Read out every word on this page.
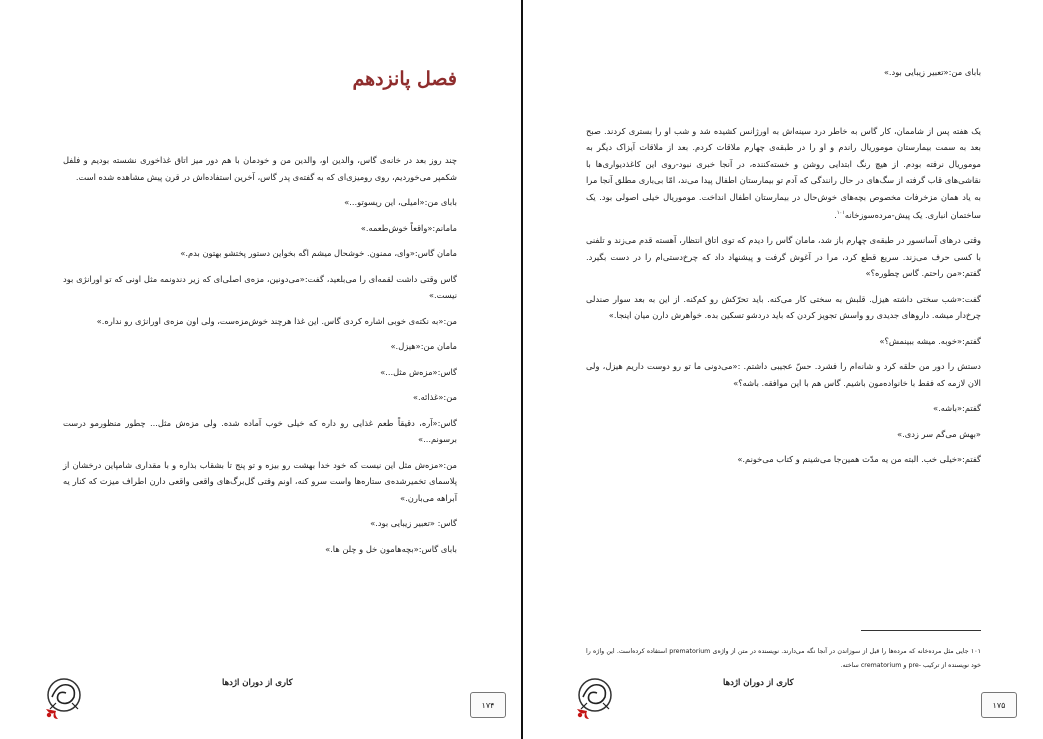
فصل پانزدهم

چند روز بعد در خانه‌ی گاس، والدین او، والدین من و خودمان با هم دور میز اتاق غذاخوری نشسته بودیم و فلفل شکمپر می‌خوردیم، روی رومیزی‌ای که به گفته‌ی پدر گاس، آخرین استفاده‌اش در قرن پیش مشاهده شده است.

بابای من:«امیلی، این ریسوتو...»

مامانم:«واقعاً خوش‌طعمه.»

مامان گاس:«وای، ممنون. خوشحال میشم اگه بخواین دستور پختشو بهتون بدم.»

گاس وقتی داشت لقمه‌ای را می‌بلعید، گفت:«می‌دونین، مزه‌ی اصلی‌ای که زیر دندونمه مثل اونی که تو اورانژی بود نیست.»

من:«به نکته‌ی خوبی اشاره کردی گاس. این غذا هرچند خوش‌مزه‌ست، ولی اون مزه‌ی اورانژی رو نداره.»

مامان من:«هیزل.»

گاس:«مزه‌ش مثل...»

من:«غذائه.»

گاس:«آره، دقیقاً طعم غذایی رو داره که خیلی خوب آماده شده. ولی مزه‌ش مثل... چطور منظورمو درست برسونم...»

من:«مزه‌ش مثل این نیست که خود خدا بهشت رو بیزه و تو پنج تا بشقاب بذاره و با مقداری شامپاین درخشان از پلاسمای تخمیرشده‌ی ستاره‌ها واست سرو کنه، اونم وقتی گل‌برگ‌های واقعی واقعی دارن اطراف میزت که کنار یه آبراهه می‌بارن.»

گاس: «تعبیر زیبایی بود.»

بابای گاس:«بچه‌هامون خل و چلن ها.»

کاری از دوران اژدها
۱۷۴

بابای من:«تعبیر زیبایی بود.»

یک هفته پس از شاممان، کار گاس به خاطر درد سینه‌اش به اورژانس کشیده شد و شب او را بستری کردند. صبح بعد به سمت بیمارستان موموریال راندم و او را در طبقه‌ی چهارم ملاقات کردم. بعد از ملاقات آیزاک دیگر به موموریال نرفته بودم. از هیچ رنگ ابتدایی روشن و خسته‌کننده، در آنجا خبری نبود-روی این کاغذدیواری‌ها با نقاشی‌های قاب گرفته از سگ‌های در حال رانندگی که آدم تو بیمارستان اطفال پیدا می‌ند، امّا بی‌باری مطلق آنجا مرا به یاد همان مزخرفات مخصوص بچه‌های خوش‌حال در بیمارستان اطفال انداخت. موموریال خیلی اصولی بود. یک ساختمان انباری. یک پیش-مرده‌سوزخانه$^{۱۰۱}$.

وقتی درهای آسانسور در طبقه‌ی چهارم باز شد، مامان گاس را دیدم که توی اتاق انتظار، آهسته قدم می‌زند و تلفنی با کسی حرف می‌زند. سریع قطع کرد، مرا در آغوش گرفت و پیشنهاد داد که چرخ‌دستی‌ام را در دست بگیرد. گفتم:«من راحتم. گاس چطوره؟»

گفت:«شب سختی داشته هیزل. قلبش به سختی کار می‌کنه. باید تحرّکش رو کم‌کنه. از این به بعد سوار صندلی چرخ‌دار میشه. داروهای جدیدی رو واسش تجویز کردن که باید دردشو تسکین بده. خواهرش دارن میان اینجا.»

گفتم:«خوبه. میشه ببینمش؟»

دستش را دور من حلقه کرد و شانه‌ام را فشرد. حسّ عجیبی داشتم. :«می‌دونی ما تو رو دوست داریم هیزل، ولی الان لازمه که فقط با خانواده‌مون باشیم. گاس هم با این موافقه. باشه؟»

گفتم:«باشه.»

«بهش می‌گم سر زدی.»

گفتم:«خیلی خب. البته من یه مدّت همین‌جا می‌شینم و کتاب می‌خونم.»

۱۰۱ جایی مثل مرده‌خانه که مرده‌ها را قبل از سوزاندن در آنجا نگه می‌دارند. نویسنده در متن از واژه‌ی prematorium استفاده کرده‌است. این واژه را خود نویسنده از ترکیب -pre و crematorium ساخته.
کاری از دوران اژدها
۱۷۵
